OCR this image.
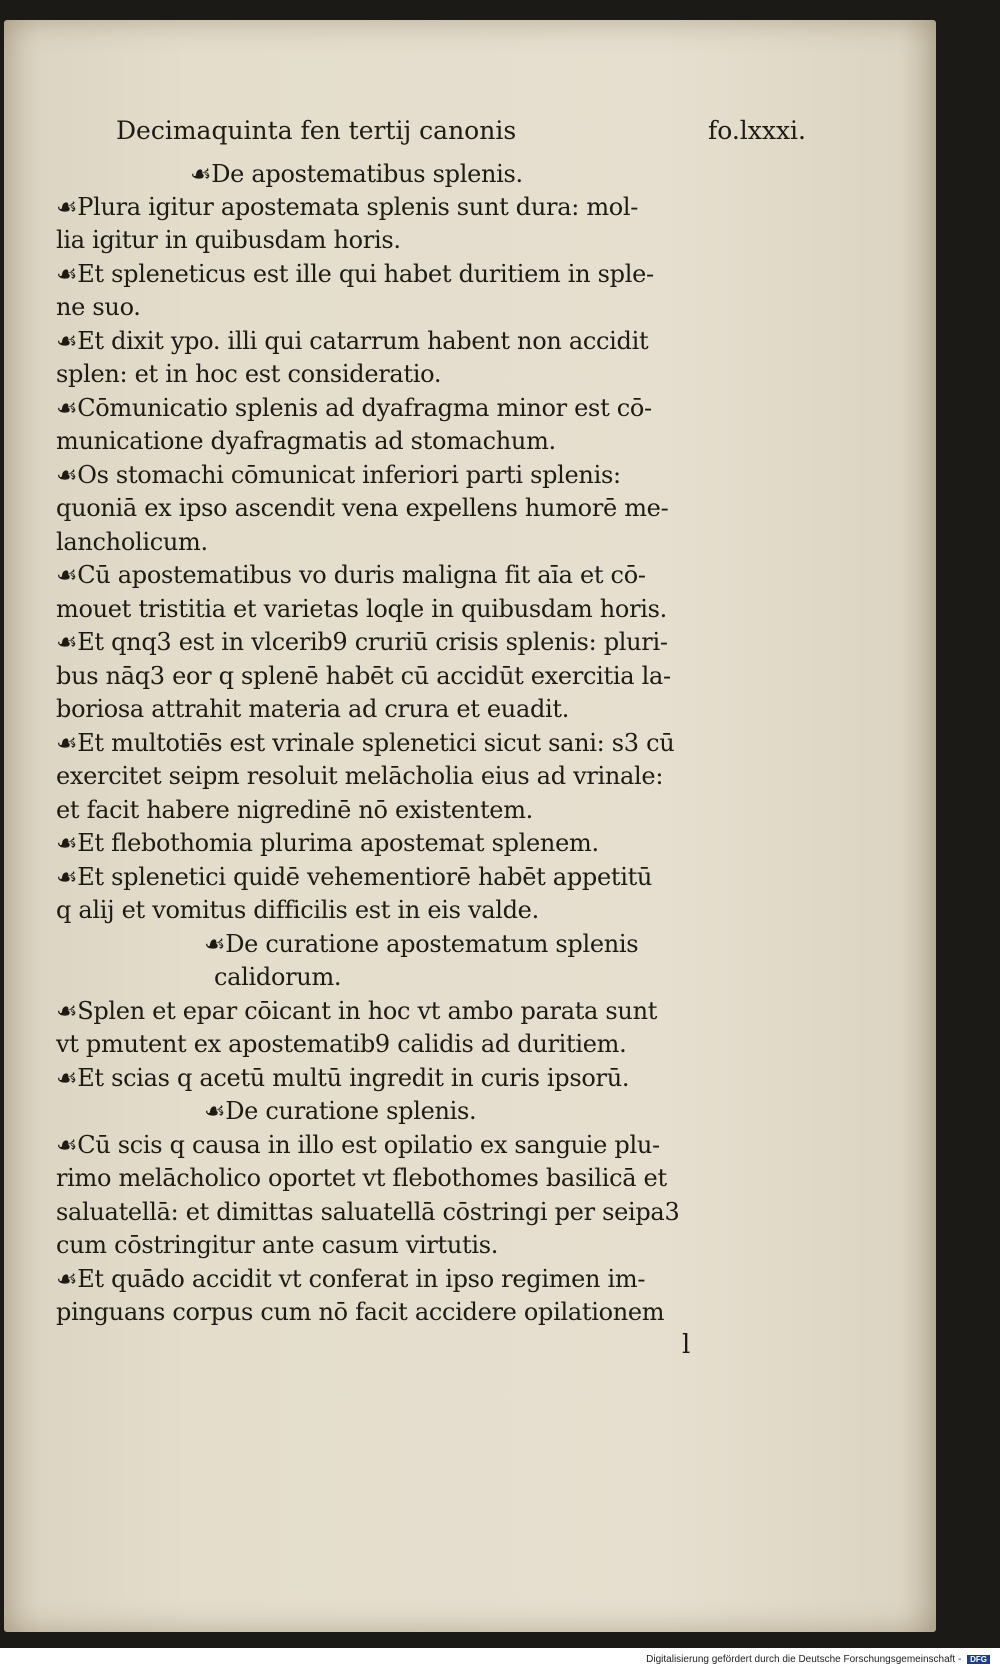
Decimaquinta fen tertij canonis	fo.lxxxi.
☙De apostematibus splenis.
☙Plura igitur apostemata splenis sunt dura: mol-
lia igitur in quibusdam horis.
☙Et spleneticus est ille qui habet duritiem in sple-
ne suo.
☙Et dixit ypo. illi qui catarrum habent non accidit
splen: et in hoc est consideratio.
☙Cōmunicatio splenis ad dyafragma minor est cō-
municatione dyafragmatis ad stomachum.
☙Os stomachi cōmunicat inferiori parti splenis:
quoniā ex ipso ascendit vena expellens humorē me-
lancholicum.
☙Cū apostematibus vo duris maligna fit aīa et cō-
mouet tristitia et varietas loqle in quibusdam horis.
☙Et qnq3 est in vlcerib9 cruriū crisis splenis: pluri-
bus nāq3 eor q splenē habēt cū accidūt exercitia la-
boriosa attrahit materia ad crura et euadit.
☙Et multotiēs est vrinale splenetici sicut sani: s3 cū
exercitet seipm resoluit melācholia eius ad vrinale:
et facit habere nigredinē nō existentem.
☙Et flebothomia plurima apostemat splenem.
☙Et splenetici quidē vehementiorē habēt appetitū
q alij et vomitus difficilis est in eis valde.
☙De curatione apostematum splenis
calidorum.
☙Splen et epar cōicant in hoc vt ambo parata sunt
vt pmutent ex apostematib9 calidis ad duritiem.
☙Et scias q acetū multū ingredit in curis ipsorū.
☙De curatione splenis.
☙Cū scis q causa in illo est opilatio ex sanguie plu-
rimo melācholico oportet vt flebothomes basilicā et
saluatellā: et dimittas saluatellā cōstringi per seipa3
cum cōstringitur ante casum virtutis.
☙Et quādo accidit vt conferat in ipso regimen im-
pinguans corpus cum nō facit accidere opilationem
l
Digitalisierung gefördert durch die Deutsche Forschungsgemeinschaft - DFG
